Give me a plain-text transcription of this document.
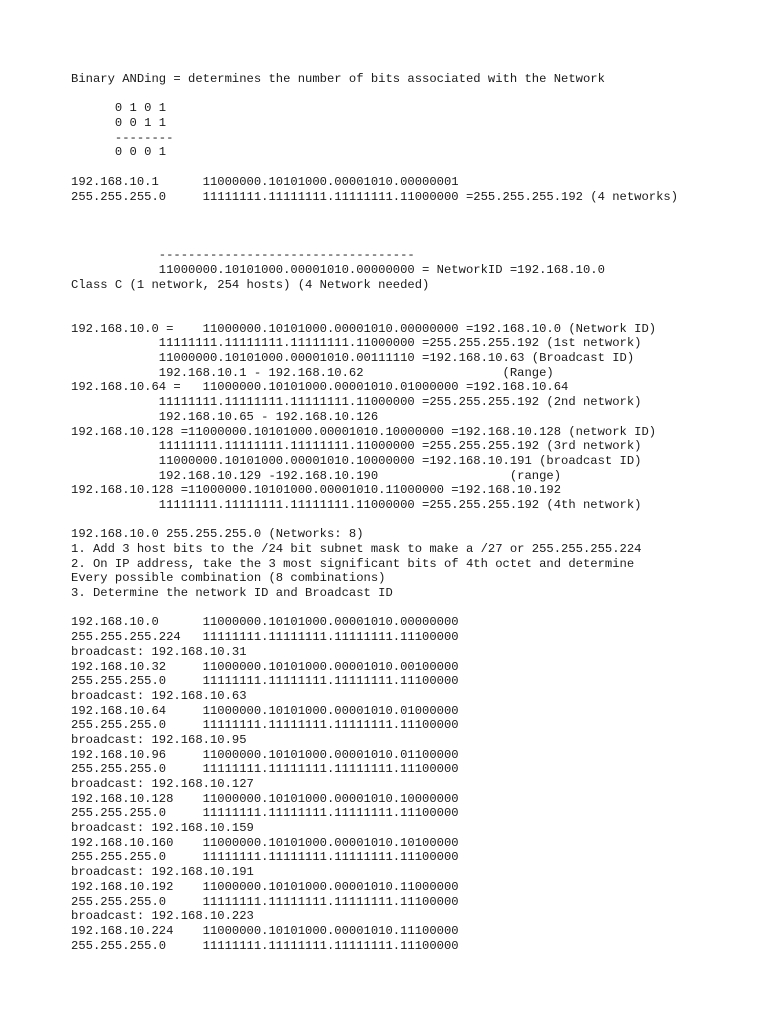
Binary ANDing = determines the number of bits associated with the Network
0 1 0 1
0 0 1 1
--------
0 0 0 1
192.168.10.1      11000000.10101000.00001010.00000001
255.255.255.0     11111111.11111111.11111111.11000000 =255.255.255.192 (4 networks)
-----------------------------------
11000000.10101000.00001010.00000000 = NetworkID =192.168.10.0
Class C (1 network, 254 hosts) (4 Network needed)
192.168.10.0 =    11000000.10101000.00001010.00000000 =192.168.10.0 (Network ID)
11111111.11111111.11111111.11000000 =255.255.255.192 (1st network)
11000000.10101000.00001010.00111110 =192.168.10.63 (Broadcast ID)
192.168.10.1 - 192.168.10.62                   (Range)
192.168.10.64 =   11000000.10101000.00001010.01000000 =192.168.10.64
11111111.11111111.11111111.11000000 =255.255.255.192 (2nd network)
192.168.10.65 - 192.168.10.126
192.168.10.128 =11000000.10101000.00001010.10000000 =192.168.10.128 (network ID)
11111111.11111111.11111111.11000000 =255.255.255.192 (3rd network)
11000000.10101000.00001010.10000000 =192.168.10.191 (broadcast ID)
192.168.10.129 -192.168.10.190                  (range)
192.168.10.128 =11000000.10101000.00001010.11000000 =192.168.10.192
11111111.11111111.11111111.11000000 =255.255.255.192 (4th network)
192.168.10.0 255.255.255.0 (Networks: 8)
1. Add 3 host bits to the /24 bit subnet mask to make a /27 or 255.255.255.224
2. On IP address, take the 3 most significant bits of 4th octet and determine
Every possible combination (8 combinations)
3. Determine the network ID and Broadcast ID
192.168.10.0      11000000.10101000.00001010.00000000
255.255.255.224   11111111.11111111.11111111.11100000
broadcast: 192.168.10.31
192.168.10.32     11000000.10101000.00001010.00100000
255.255.255.0     11111111.11111111.11111111.11100000
broadcast: 192.168.10.63
192.168.10.64     11000000.10101000.00001010.01000000
255.255.255.0     11111111.11111111.11111111.11100000
broadcast: 192.168.10.95
192.168.10.96     11000000.10101000.00001010.01100000
255.255.255.0     11111111.11111111.11111111.11100000
broadcast: 192.168.10.127
192.168.10.128    11000000.10101000.00001010.10000000
255.255.255.0     11111111.11111111.11111111.11100000
broadcast: 192.168.10.159
192.168.10.160    11000000.10101000.00001010.10100000
255.255.255.0     11111111.11111111.11111111.11100000
broadcast: 192.168.10.191
192.168.10.192    11000000.10101000.00001010.11000000
255.255.255.0     11111111.11111111.11111111.11100000
broadcast: 192.168.10.223
192.168.10.224    11000000.10101000.00001010.11100000
255.255.255.0     11111111.11111111.11111111.11100000
